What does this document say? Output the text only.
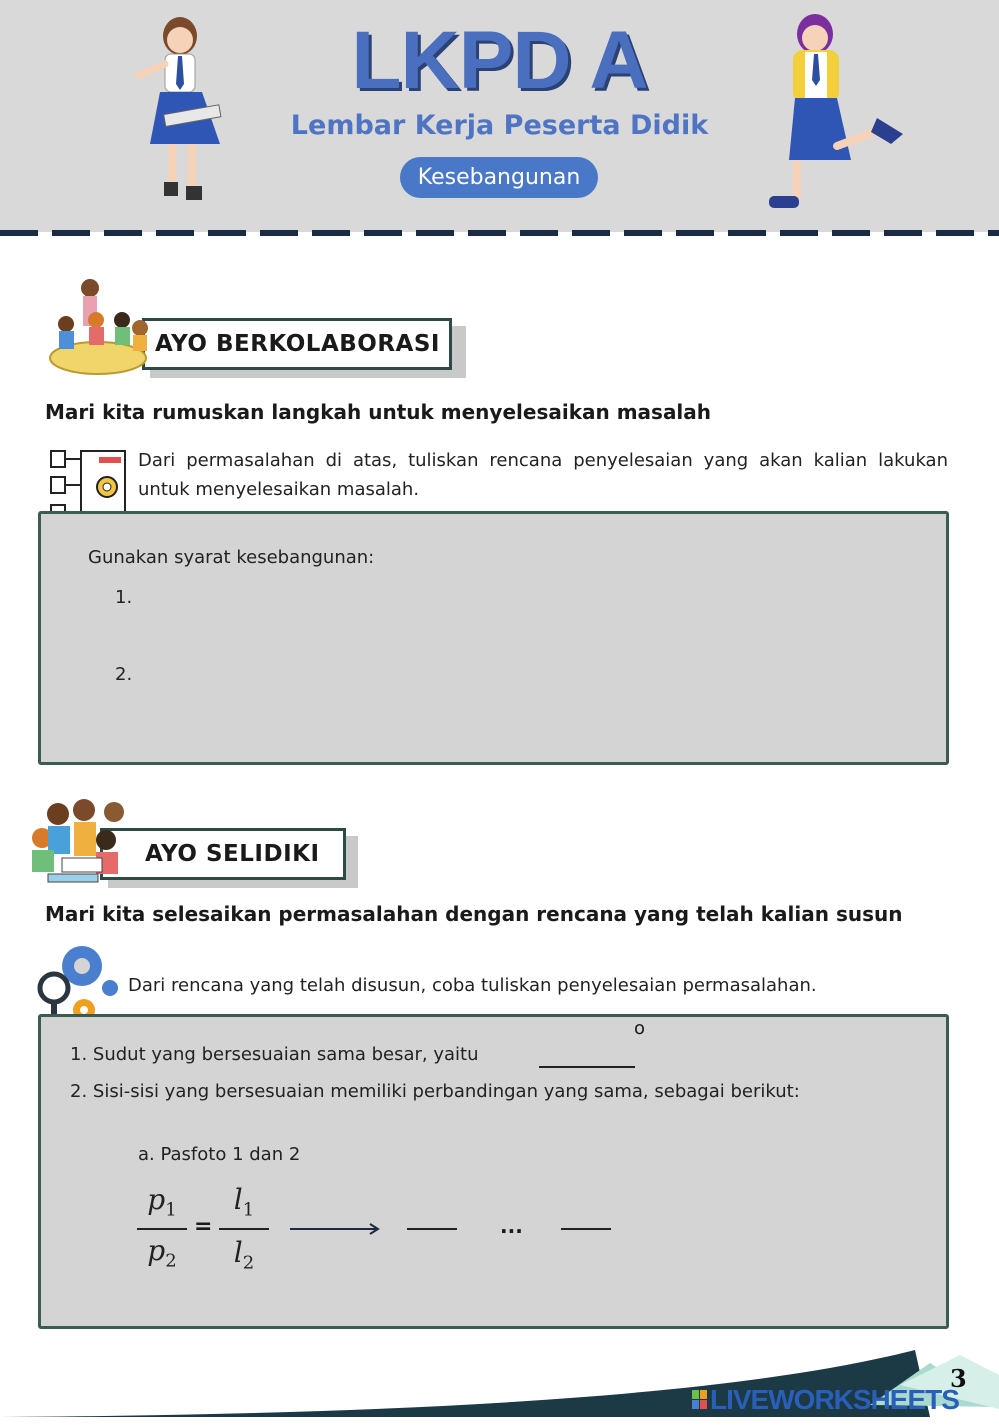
LKPD A
Lembar Kerja Peserta Didik
Kesebangunan
AYO BERKOLABORASI
Mari kita rumuskan langkah untuk menyelesaikan masalah
Dari permasalahan di atas, tuliskan rencana penyelesaian yang akan kalian lakukan untuk menyelesaikan masalah.
Gunakan syarat kesebangunan:
1.
2.
AYO SELIDIKI
Mari kita selesaikan permasalahan dengan rencana yang telah kalian susun
Dari rencana yang telah disusun, coba tuliskan penyelesaian permasalahan.
1. Sudut yang bersesuaian sama besar, yaitu
o
2. Sisi-sisi yang bersesuaian memiliki perbandingan yang sama, sebagai berikut:
a. Pasfoto 1 dan 2
$p_1$
$p_2$
=
$l_1$
$l_2$
...
3
LIVEWORKSHEETS
